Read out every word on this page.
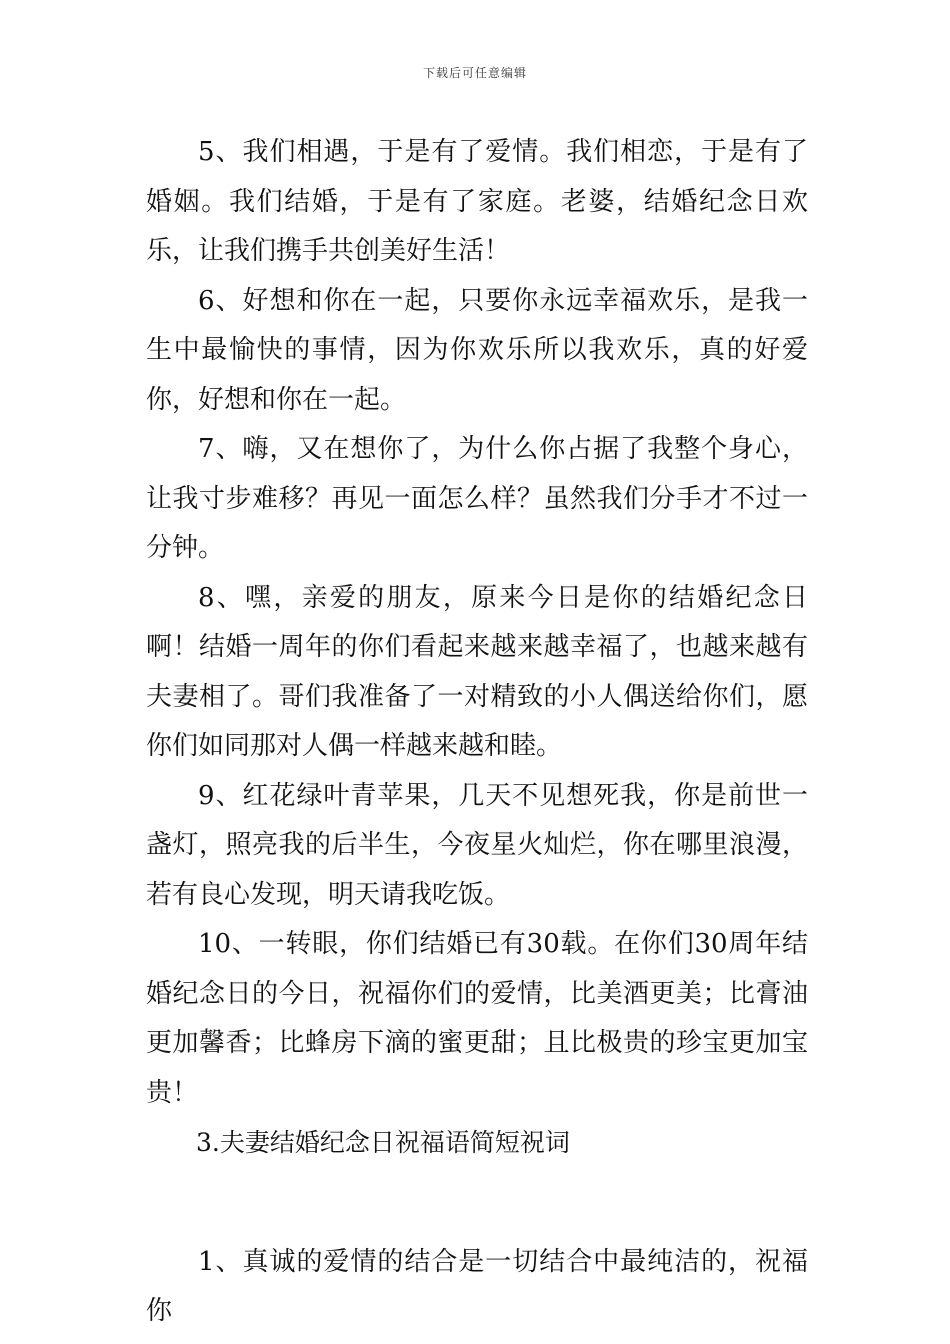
下载后可任意编辑

5、我们相遇，于是有了爱情。我们相恋，于是有了婚姻。我们结婚，于是有了家庭。老婆，结婚纪念日欢乐，让我们携手共创美好生活！

6、好想和你在一起，只要你永远幸福欢乐，是我一生中最愉快的事情，因为你欢乐所以我欢乐，真的好爱你，好想和你在一起。

7、嗨，又在想你了，为什么你占据了我整个身心，让我寸步难移？再见一面怎么样？虽然我们分手才不过一分钟。

8、嘿，亲爱的朋友，原来今日是你的结婚纪念日啊！结婚一周年的你们看起来越来越幸福了，也越来越有夫妻相了。哥们我准备了一对精致的小人偶送给你们，愿你们如同那对人偶一样越来越和睦。

9、红花绿叶青苹果，几天不见想死我，你是前世一盏灯，照亮我的后半生，今夜星火灿烂，你在哪里浪漫，若有良心发现，明天请我吃饭。

10、一转眼，你们结婚已有30载。在你们30周年结婚纪念日的今日，祝福你们的爱情，比美酒更美；比膏油更加馨香；比蜂房下滴的蜜更甜；且比极贵的珍宝更加宝贵！

3.夫妻结婚纪念日祝福语简短祝词

1、真诚的爱情的结合是一切结合中最纯洁的，祝福你
